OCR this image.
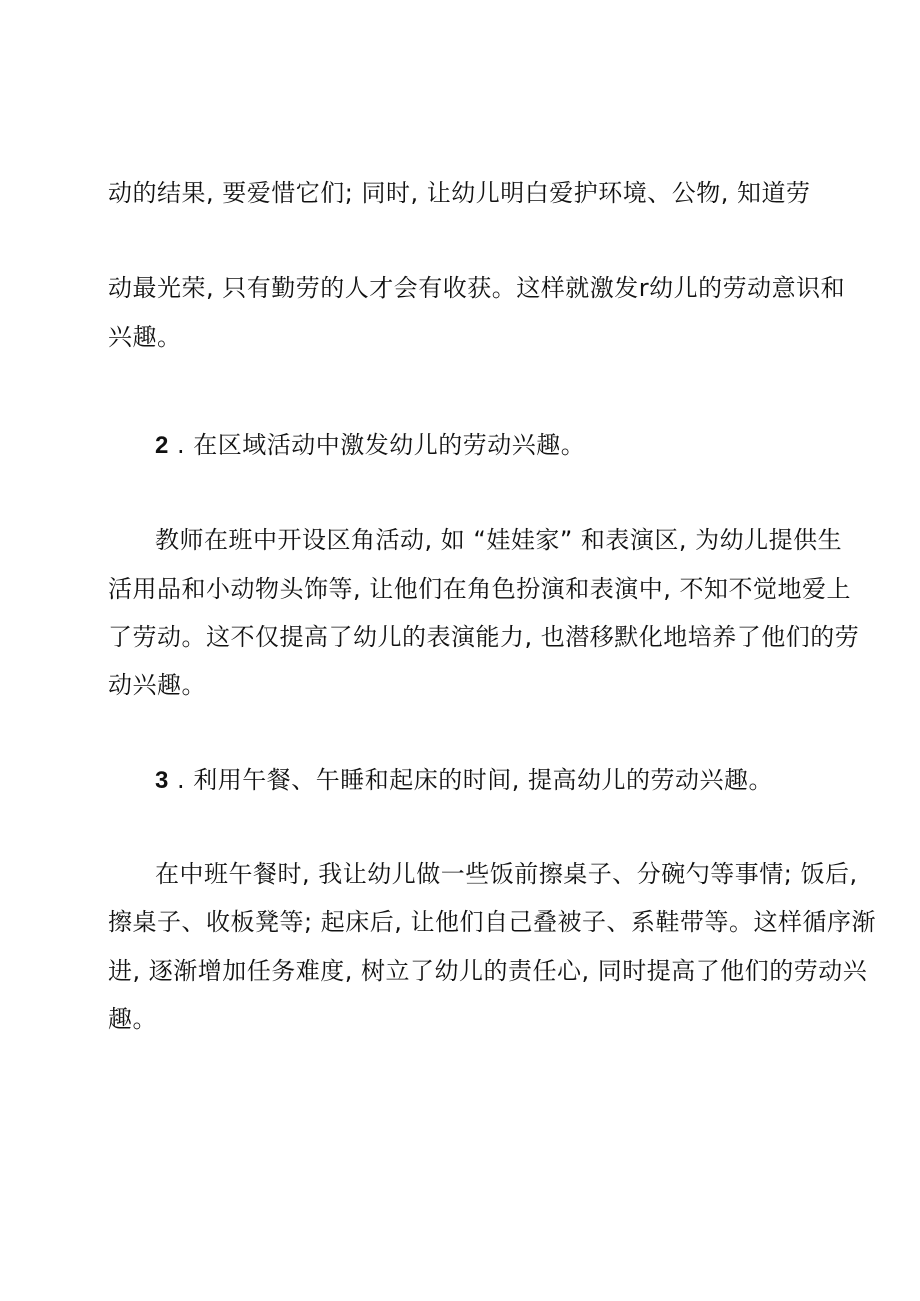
动的结果, 要爱惜它们; 同时, 让幼儿明白爱护环境、公物, 知道劳
动最光荣, 只有勤劳的人才会有收获。这样就激发r幼儿的劳动意识和
兴趣。
2 . 在区域活动中激发幼儿的劳动兴趣。
教师在班中开设区角活动, 如 “娃娃家” 和表演区, 为幼儿提供生
活用品和小动物头饰等, 让他们在角色扮演和表演中, 不知不觉地爱上
了劳动。这不仅提高了幼儿的表演能力, 也潜移默化地培养了他们的劳
动兴趣。
3 . 利用午餐、午睡和起床的时间, 提高幼儿的劳动兴趣。
在中班午餐时, 我让幼儿做一些饭前擦桌子、分碗勺等事情; 饭后,
擦桌子、收板凳等; 起床后, 让他们自己叠被子、系鞋带等。这样循序渐
进, 逐渐增加任务难度, 树立了幼儿的责任心, 同时提高了他们的劳动兴
趣。
